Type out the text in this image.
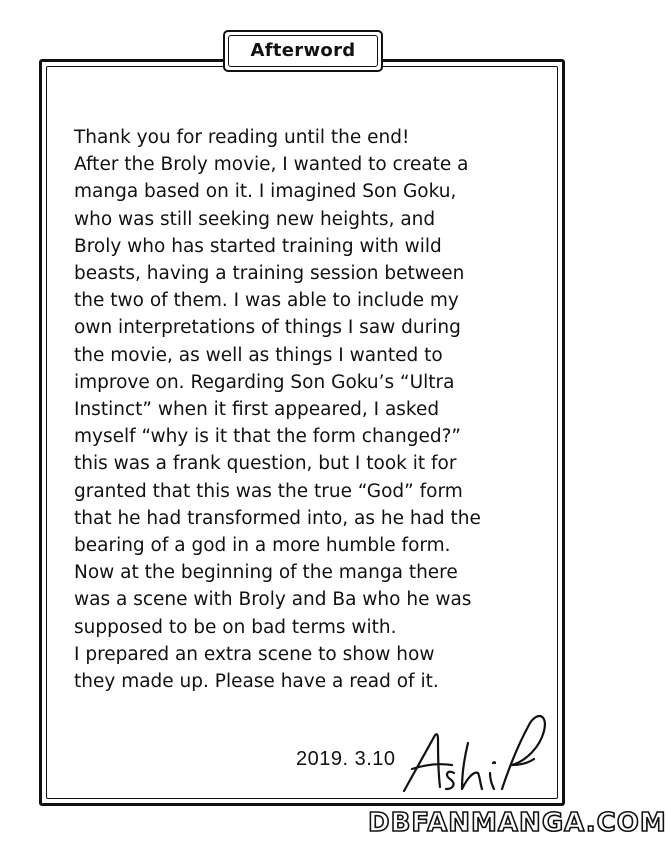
Afterword
Thank you for reading until the end!
After the Broly movie, I wanted to create a
manga based on it. I imagined Son Goku,
who was still seeking new heights, and
Broly who has started training with wild
beasts, having a training session between
the two of them. I was able to include my
own interpretations of things I saw during
the movie, as well as things I wanted to
improve on. Regarding Son Goku’s “Ultra
Instinct” when it first appeared, I asked
myself “why is it that the form changed?”
this was a frank question, but I took it for
granted that this was the true “God” form
that he had transformed into, as he had the
bearing of a god in a more humble form.
Now at the beginning of the manga there
was a scene with Broly and Ba who he was
supposed to be on bad terms with.
I prepared an extra scene to show how
they made up. Please have a read of it.
2019. 3.10
DBFANMANGA.COM
